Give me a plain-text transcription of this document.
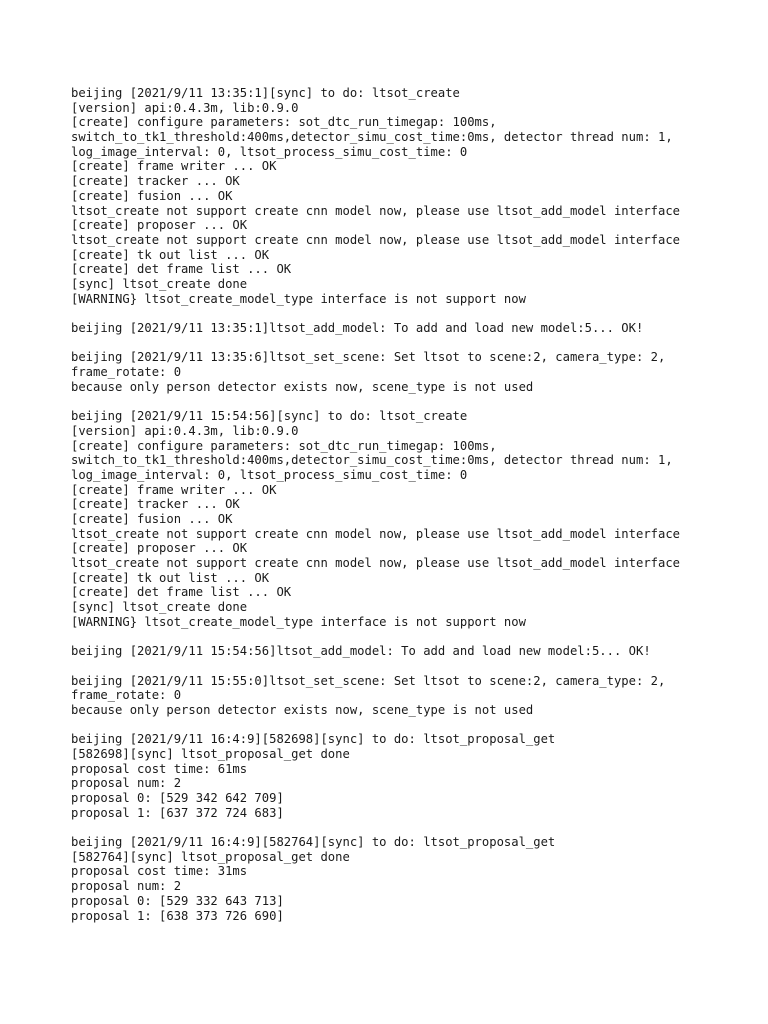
beijing [2021/9/11 13:35:1][sync] to do: ltsot_create
[version] api:0.4.3m, lib:0.9.0
[create] configure parameters: sot_dtc_run_timegap: 100ms,
switch_to_tk1_threshold:400ms,detector_simu_cost_time:0ms, detector thread num: 1,
log_image_interval: 0, ltsot_process_simu_cost_time: 0
[create] frame writer ... OK
[create] tracker ... OK
[create] fusion ... OK
ltsot_create not support create cnn model now, please use ltsot_add_model interface
[create] proposer ... OK
ltsot_create not support create cnn model now, please use ltsot_add_model interface
[create] tk out list ... OK
[create] det frame list ... OK
[sync] ltsot_create done
[WARNING} ltsot_create_model_type interface is not support now
beijing [2021/9/11 13:35:1]ltsot_add_model: To add and load new model:5... OK!
beijing [2021/9/11 13:35:6]ltsot_set_scene: Set ltsot to scene:2, camera_type: 2,
frame_rotate: 0
because only person detector exists now, scene_type is not used
beijing [2021/9/11 15:54:56][sync] to do: ltsot_create
[version] api:0.4.3m, lib:0.9.0
[create] configure parameters: sot_dtc_run_timegap: 100ms,
switch_to_tk1_threshold:400ms,detector_simu_cost_time:0ms, detector thread num: 1,
log_image_interval: 0, ltsot_process_simu_cost_time: 0
[create] frame writer ... OK
[create] tracker ... OK
[create] fusion ... OK
ltsot_create not support create cnn model now, please use ltsot_add_model interface
[create] proposer ... OK
ltsot_create not support create cnn model now, please use ltsot_add_model interface
[create] tk out list ... OK
[create] det frame list ... OK
[sync] ltsot_create done
[WARNING} ltsot_create_model_type interface is not support now
beijing [2021/9/11 15:54:56]ltsot_add_model: To add and load new model:5... OK!
beijing [2021/9/11 15:55:0]ltsot_set_scene: Set ltsot to scene:2, camera_type: 2,
frame_rotate: 0
because only person detector exists now, scene_type is not used
beijing [2021/9/11 16:4:9][582698][sync] to do: ltsot_proposal_get
[582698][sync] ltsot_proposal_get done
proposal cost time: 61ms
proposal num: 2
proposal 0: [529 342 642 709]
proposal 1: [637 372 724 683]
beijing [2021/9/11 16:4:9][582764][sync] to do: ltsot_proposal_get
[582764][sync] ltsot_proposal_get done
proposal cost time: 31ms
proposal num: 2
proposal 0: [529 332 643 713]
proposal 1: [638 373 726 690]
